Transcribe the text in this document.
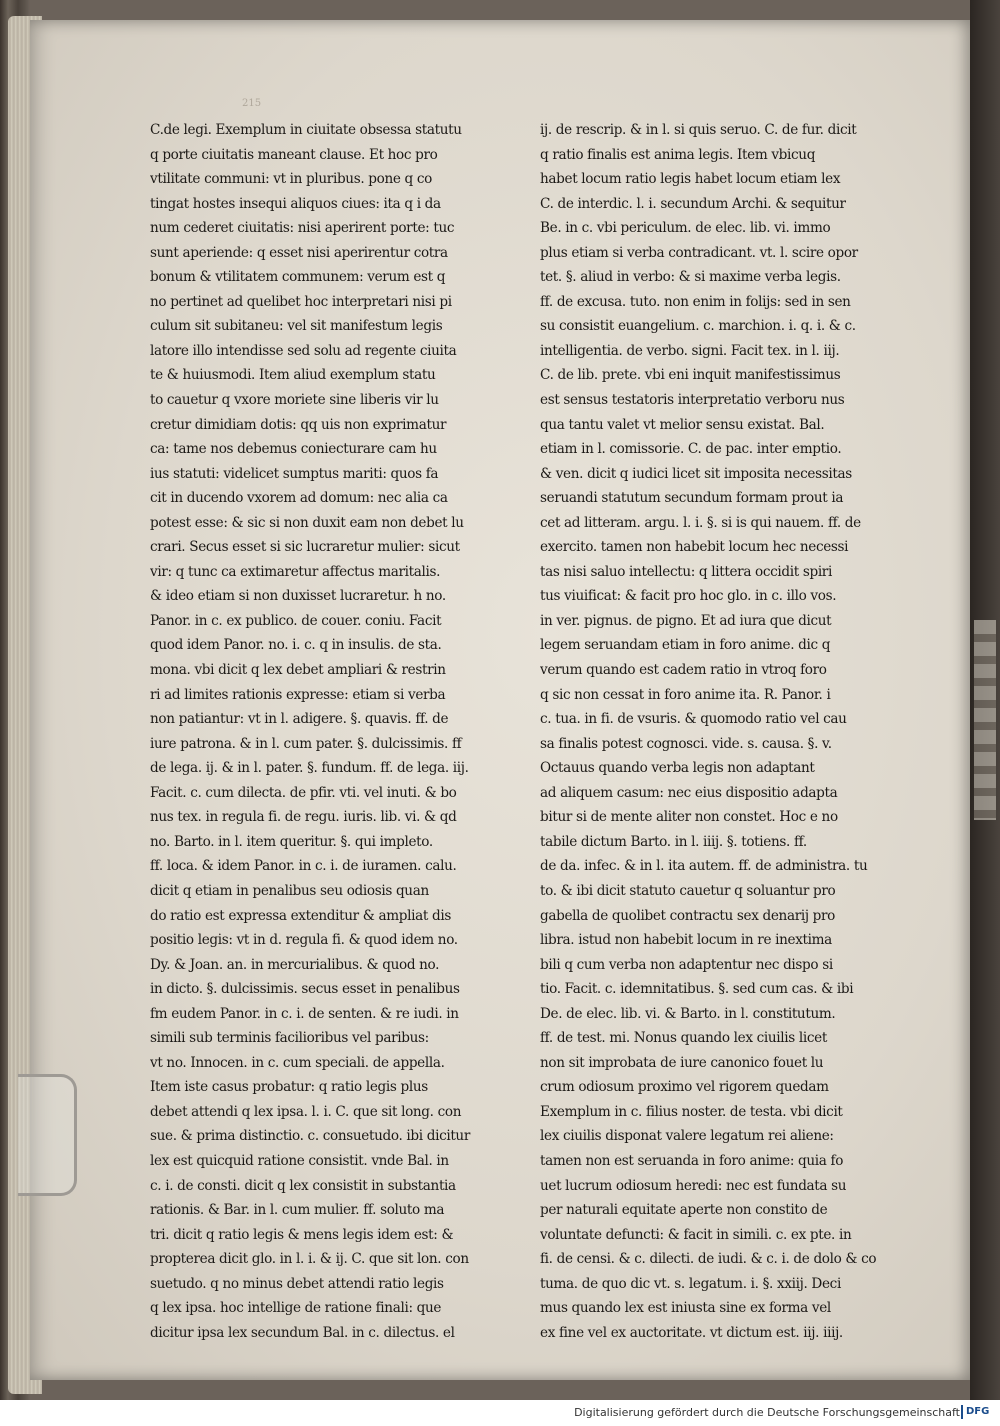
215
C.de legi. Exemplum in ciuitate obsessa statutu
q porte ciuitatis maneant clause. Et hoc pro
vtilitate communi: vt in pluribus. pone q co
tingat hostes insequi aliquos ciues: ita q i da
num cederet ciuitatis: nisi aperirent porte: tuc
sunt aperiende: q esset nisi aperirentur cotra
bonum & vtilitatem communem: verum est q
no pertinet ad quelibet hoc interpretari nisi pi
culum sit subitaneu: vel sit manifestum legis
latore illo intendisse sed solu ad regente ciuita
te & huiusmodi. Item aliud exemplum statu
to cauetur q vxore moriete sine liberis vir lu
cretur dimidiam dotis: qq uis non exprimatur
ca: tame nos debemus coniecturare cam hu
ius statuti: videlicet sumptus mariti: quos fa
cit in ducendo vxorem ad domum: nec alia ca
potest esse: & sic si non duxit eam non debet lu
crari. Secus esset si sic lucraretur mulier: sicut
vir: q tunc ca extimaretur affectus maritalis.
& ideo etiam si non duxisset lucraretur. h no.
Panor. in c. ex publico. de couer. coniu. Facit
quod idem Panor. no. i. c. q in insulis. de sta.
mona. vbi dicit q lex debet ampliari & restrin
ri ad limites rationis expresse: etiam si verba
non patiantur: vt in l. adigere. §. quavis. ff. de
iure patrona. & in l. cum pater. §. dulcissimis. ff
de lega. ij. & in l. pater. §. fundum. ff. de lega. iij.
Facit. c. cum dilecta. de pfir. vti. vel inuti. & bo
nus tex. in regula fi. de regu. iuris. lib. vi. & qd
no. Barto. in l. item queritur. §. qui impleto.
ff. loca. & idem Panor. in c. i. de iuramen. calu.
dicit q etiam in penalibus seu odiosis quan
do ratio est expressa extenditur & ampliat dis
positio legis: vt in d. regula fi. & quod idem no.
Dy. & Joan. an. in mercurialibus. & quod no.
in dicto. §. dulcissimis. secus esset in penalibus
fm eudem Panor. in c. i. de senten. & re iudi. in
simili sub terminis facilioribus vel paribus:
vt no. Innocen. in c. cum speciali. de appella.
Item iste casus probatur: q ratio legis plus
debet attendi q lex ipsa. l. i. C. que sit long. con
sue. & prima distinctio. c. consuetudo. ibi dicitur
lex est quicquid ratione consistit. vnde Bal. in
c. i. de consti. dicit q lex consistit in substantia
rationis. & Bar. in l. cum mulier. ff. soluto ma
tri. dicit q ratio legis & mens legis idem est: &
propterea dicit glo. in l. i. & ij. C. que sit lon. con
suetudo. q no minus debet attendi ratio legis
q lex ipsa. hoc intellige de ratione finali: que
dicitur ipsa lex secundum Bal. in c. dilectus. el
ij. de rescrip. & in l. si quis seruo. C. de fur. dicit
q ratio finalis est anima legis. Item vbicuq
habet locum ratio legis habet locum etiam lex
C. de interdic. l. i. secundum Archi. & sequitur
Be. in c. vbi periculum. de elec. lib. vi. immo
plus etiam si verba contradicant. vt. l. scire opor
tet. §. aliud in verbo: & si maxime verba legis.
ff. de excusa. tuto. non enim in folijs: sed in sen
su consistit euangelium. c. marchion. i. q. i. & c.
intelligentia. de verbo. signi. Facit tex. in l. iij.
C. de lib. prete. vbi eni inquit manifestissimus
est sensus testatoris interpretatio verboru nus
qua tantu valet vt melior sensu existat. Bal.
etiam in l. comissorie. C. de pac. inter emptio.
& ven. dicit q iudici licet sit imposita necessitas
seruandi statutum secundum formam prout ia
cet ad litteram. argu. l. i. §. si is qui nauem. ff. de
exercito. tamen non habebit locum hec necessi
tas nisi saluo intellectu: q littera occidit spiri
tus viuificat: & facit pro hoc glo. in c. illo vos.
in ver. pignus. de pigno. Et ad iura que dicut
legem seruandam etiam in foro anime. dic q
verum quando est cadem ratio in vtroq foro
q sic non cessat in foro anime ita. R. Panor. i
c. tua. in fi. de vsuris. & quomodo ratio vel cau
sa finalis potest cognosci. vide. s. causa. §. v.
Octauus quando verba legis non adaptant
ad aliquem casum: nec eius dispositio adapta
bitur si de mente aliter non constet. Hoc e no
tabile dictum Barto. in l. iiij. §. totiens. ff.
de da. infec. & in l. ita autem. ff. de administra. tu
to. & ibi dicit statuto cauetur q soluantur pro
gabella de quolibet contractu sex denarij pro
libra. istud non habebit locum in re inextima
bili q cum verba non adaptentur nec dispo si
tio. Facit. c. idemnitatibus. §. sed cum cas. & ibi
De. de elec. lib. vi. & Barto. in l. constitutum.
ff. de test. mi. Nonus quando lex ciuilis licet
non sit improbata de iure canonico fouet lu
crum odiosum proximo vel rigorem quedam
Exemplum in c. filius noster. de testa. vbi dicit
lex ciuilis disponat valere legatum rei aliene:
tamen non est seruanda in foro anime: quia fo
uet lucrum odiosum heredi: nec est fundata su
per naturali equitate aperte non constito de
voluntate defuncti: & facit in simili. c. ex pte. in
fi. de censi. & c. dilecti. de iudi. & c. i. de dolo & co
tuma. de quo dic vt. s. legatum. i. §. xxiij. Deci
mus quando lex est iniusta sine ex forma vel
ex fine vel ex auctoritate. vt dictum est. iij. iiij.
Digitalisierung gefördert durch die Deutsche Forschungsgemeinschaft DFG
